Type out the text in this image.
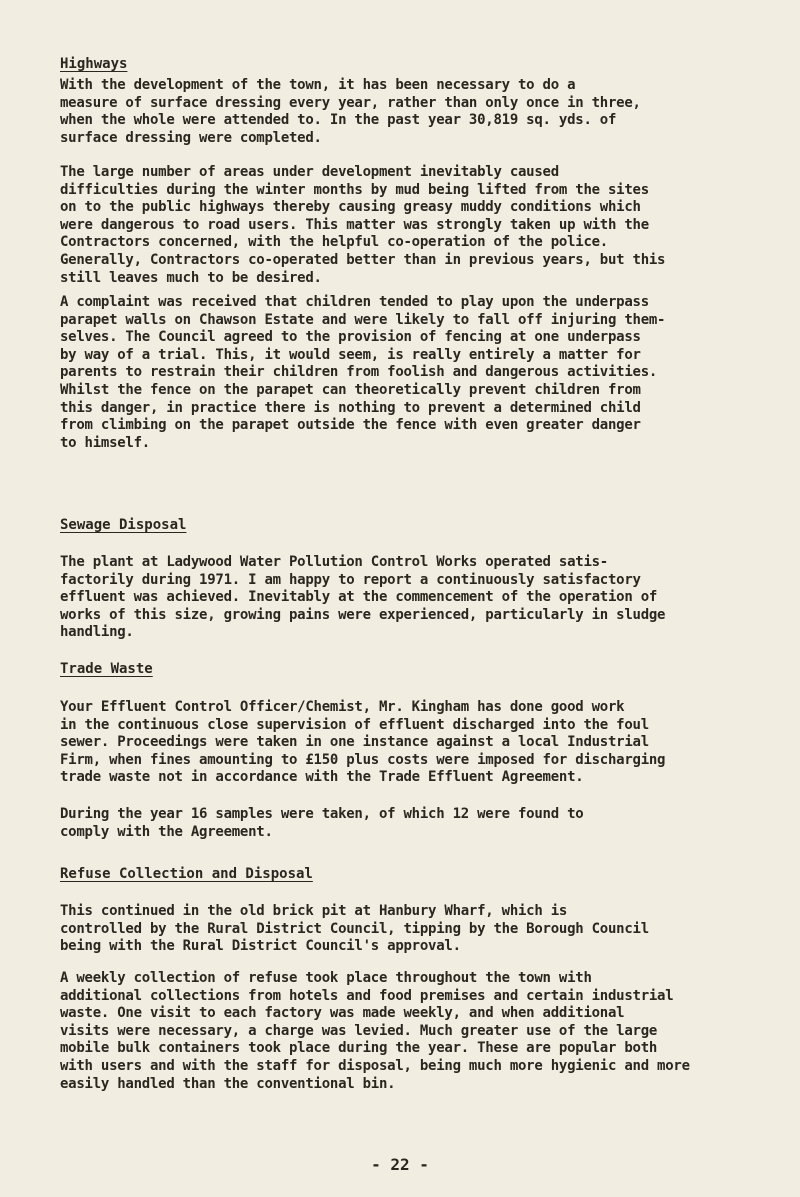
Highways
With the development of the town, it has been necessary to do a
measure of surface dressing every year, rather than only once in three,
when the whole were attended to. In the past year 30,819 sq. yds. of
surface dressing were completed.
The large number of areas under development inevitably caused
difficulties during the winter months by mud being lifted from the sites
on to the public highways thereby causing greasy muddy conditions which
were dangerous to road users. This matter was strongly taken up with the
Contractors concerned, with the helpful co-operation of the police.
Generally, Contractors co-operated better than in previous years, but this
still leaves much to be desired.
A complaint was received that children tended to play upon the underpass
parapet walls on Chawson Estate and were likely to fall off injuring them-
selves. The Council agreed to the provision of fencing at one underpass
by way of a trial. This, it would seem, is really entirely a matter for
parents to restrain their children from foolish and dangerous activities.
Whilst the fence on the parapet can theoretically prevent children from
this danger, in practice there is nothing to prevent a determined child
from climbing on the parapet outside the fence with even greater danger
to himself.
Sewage Disposal
The plant at Ladywood Water Pollution Control Works operated satis-
factorily during 1971. I am happy to report a continuously satisfactory
effluent was achieved. Inevitably at the commencement of the operation of
works of this size, growing pains were experienced, particularly in sludge
handling.
Trade Waste
Your Effluent Control Officer/Chemist, Mr. Kingham has done good work
in the continuous close supervision of effluent discharged into the foul
sewer. Proceedings were taken in one instance against a local Industrial
Firm, when fines amounting to £150 plus costs were imposed for discharging
trade waste not in accordance with the Trade Effluent Agreement.
During the year 16 samples were taken, of which 12 were found to
comply with the Agreement.
Refuse Collection and Disposal
This continued in the old brick pit at Hanbury Wharf, which is
controlled by the Rural District Council, tipping by the Borough Council
being with the Rural District Council's approval.
A weekly collection of refuse took place throughout the town with
additional collections from hotels and food premises and certain industrial
waste. One visit to each factory was made weekly, and when additional
visits were necessary, a charge was levied. Much greater use of the large
mobile bulk containers took place during the year. These are popular both
with users and with the staff for disposal, being much more hygienic and more
easily handled than the conventional bin.
- 22 -
